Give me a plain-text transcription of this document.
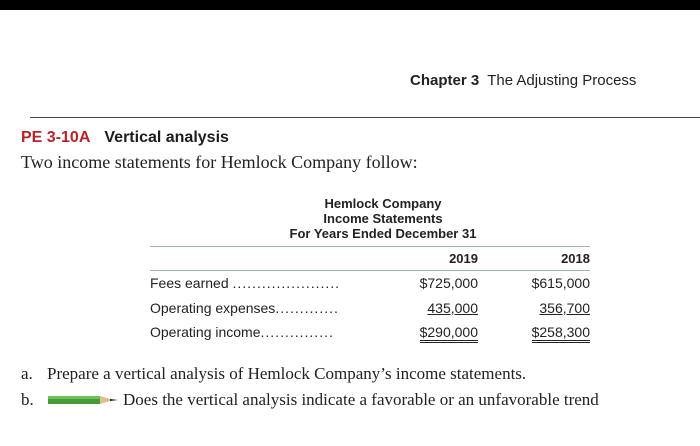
Chapter 3 The Adjusting Process
PE 3-10A Vertical analysis
Two income statements for Hemlock Company follow:
Hemlock Company
Income Statements
For Years Ended December 31
2019	2018
Fees earned ......................	$725,000	$615,000
Operating expenses.............	435,000	356,700
Operating income...............	$290,000	$258,300
a. Prepare a vertical analysis of Hemlock Company’s income statements.
b.	Does the vertical analysis indicate a favorable or an unfavorable trend
